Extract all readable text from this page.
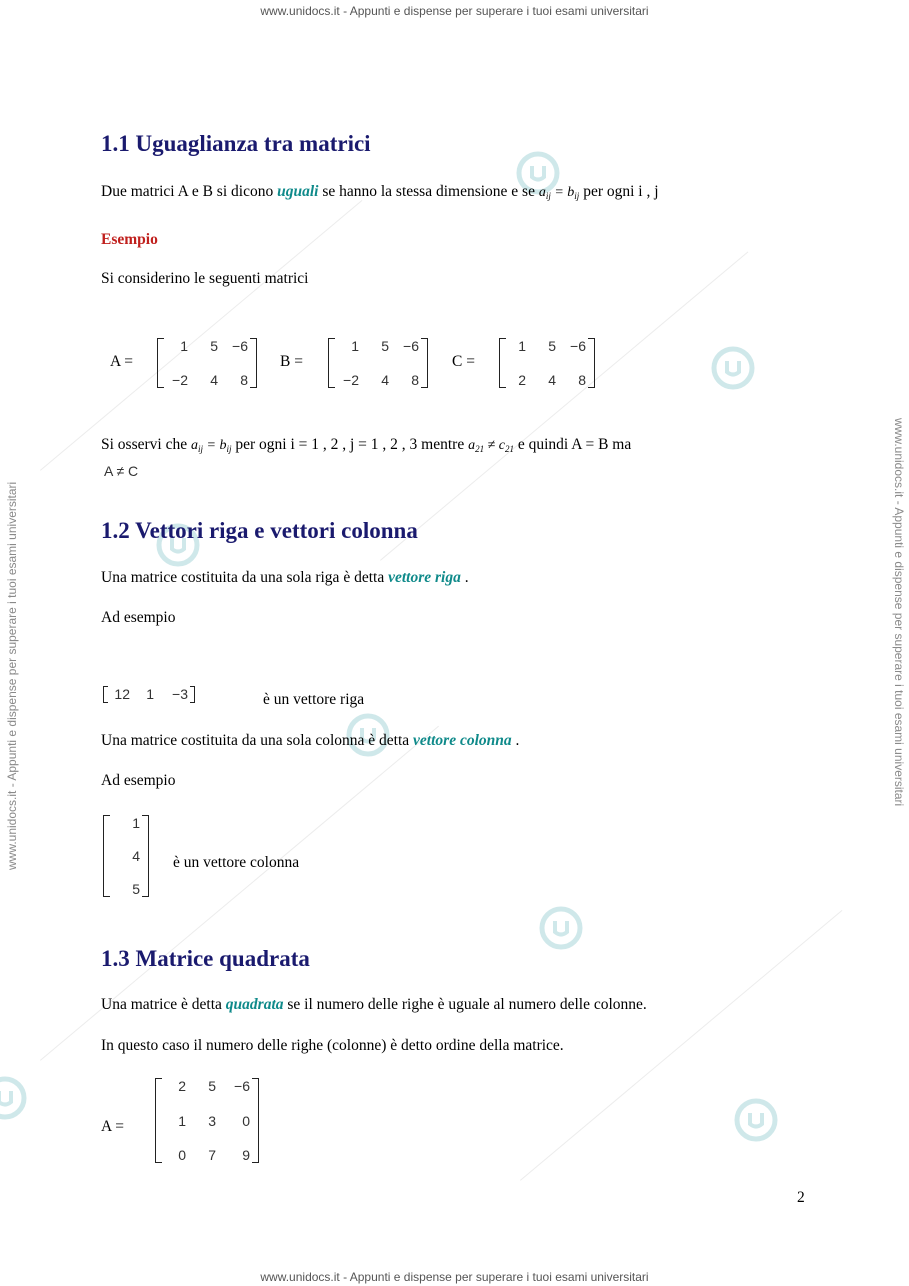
www.unidocs.it - Appunti e dispense per superare i tuoi esami universitari
www.unidocs.it - Appunti e dispense per superare i tuoi esami universitari
www.unidocs.it - Appunti e dispense per superare i tuoi esami universitari	www.unidocs.it - Appunti e dispense per superare i tuoi esami universitari
1.1 Uguaglianza tra matrici
Due matrici A e B si dicono uguali se hanno la stessa dimensione e se $a_{ij} = b_{ij}$ per ogni i , j
Esempio
Si considerino le seguenti matrici
A =
1	5	−6
−2	4	8
B =
1	5	−6
−2	4	8
C =
1	5	−6
2	4	8
Si osservi che $a_{ij} = b_{ij}$ per ogni i = 1 , 2 , j = 1 , 2 , 3 mentre $a_{21} \ne c_{21}$ e quindi A = B ma
A ≠ C
1.2 Vettori riga e vettori colonna
Una matrice costituita da una sola riga è detta vettore riga .
Ad esempio
12	1	−3	è un vettore riga
Una matrice costituita da una sola colonna è detta vettore colonna .
Ad esempio
1
4
5
è un vettore colonna
1.3 Matrice quadrata
Una matrice è detta quadrata se il numero delle righe è uguale al numero delle colonne.
In questo caso il numero delle righe (colonne) è detto ordine della matrice.
A =
2	5	−6
1	3	0
0	7	9
2
